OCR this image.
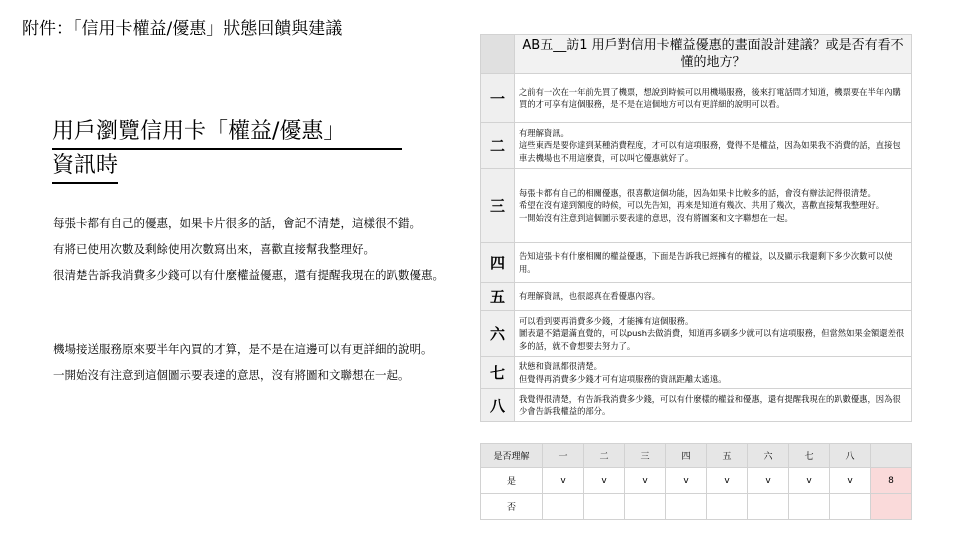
附件：「信用卡權益/優惠」狀態回饋與建議
用戶瀏覽信用卡「權益/優惠」
資訊時

每張卡都有自己的優惠，如果卡片很多的話，會記不清楚，這樣很不錯。

有將已使用次數及剩餘使用次數寫出來，喜歡直接幫我整理好。

很清楚告訴我消費多少錢可以有什麼權益優惠，還有提醒我現在的趴數優惠。

機場接送服務原來要半年內買的才算，是不是在這邊可以有更詳細的說明。

一開始沒有注意到這個圖示要表達的意思，沒有將圖和文聯想在一起。

	AB五__訪1 用戶對信用卡權益優惠的畫面設計建議？或是否有看不懂的地方？
一	之前有一次在一年前先買了機票，想說到時候可以用機場服務，後來打電話問才知道，機票要在半年內購買的才可享有這個服務，是不是在這個地方可以有更詳細的說明可以看。
二	有理解資訊。
這些東西是要你達到某種消費程度，才可以有這項服務，覺得不是權益，因為如果我不消費的話，直接包車去機場也不用這麼貴，可以叫它優惠就好了。
三	每張卡都有自己的相關優惠，很喜歡這個功能，因為如果卡比較多的話，會沒有辦法記得很清楚。
希望在沒有達到額度的時候，可以先告知，再來是知道有幾次、共用了幾次，喜歡直接幫我整理好。
一開始沒有注意到這個圖示要表達的意思，沒有將圖案和文字聯想在一起。
四	告知這張卡有什麼相關的權益優惠，下面是告訴我已經擁有的權益，以及顯示我還剩下多少次數可以使用。
五	有理解資訊，也很認真在看優惠內容。
六	可以看到要再消費多少錢，才能擁有這個服務。
圖表還不錯還滿直覺的，可以push去做消費，知道再多刷多少就可以有這項服務，但當然如果金額還差很多的話，就不會想要去努力了。
七	狀態和資訊都很清楚。
但覺得再消費多少錢才可有這項服務的資訊距離太遙遠。
八	我覺得很清楚，有告訴我消費多少錢，可以有什麼樣的權益和優惠，還有提醒我現在的趴數優惠，因為很少會告訴我權益的部分。
是否理解	一	二	三	四	五	六	七	八	
是	v	v	v	v	v	v	v	v	8
否									
